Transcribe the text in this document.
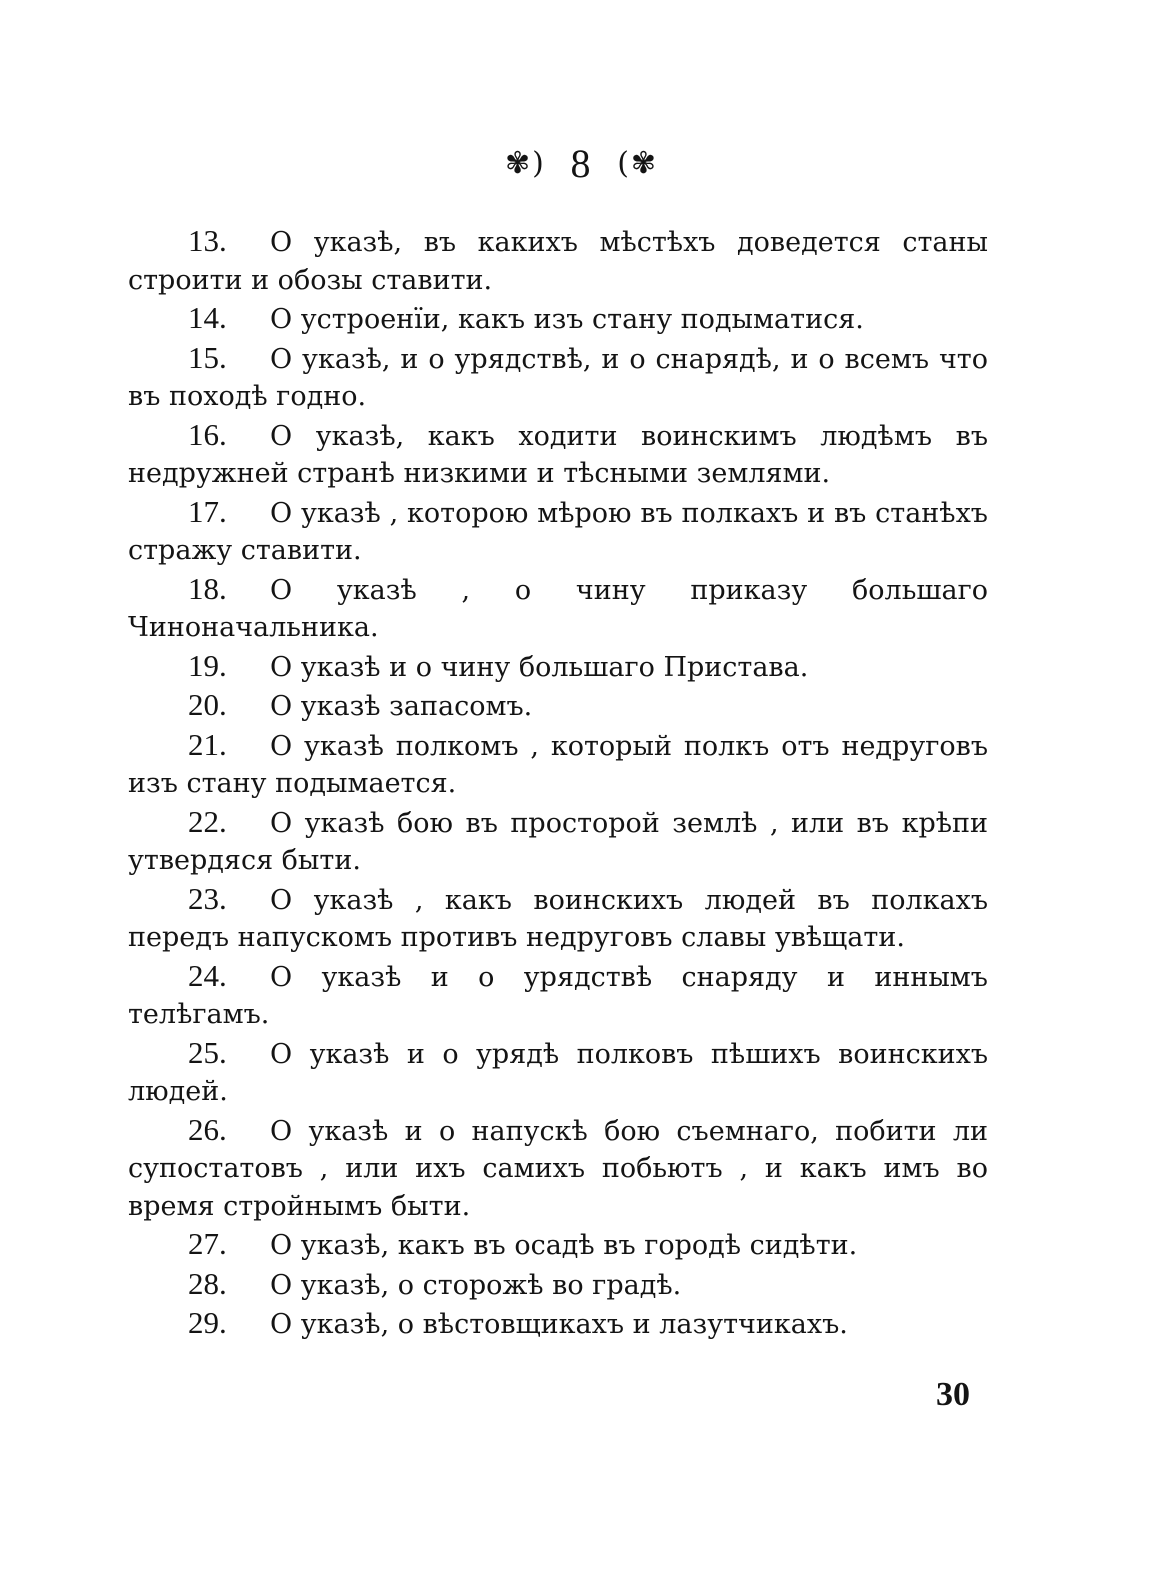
✾) 8 (✾

13. О указѣ, въ какихъ мѣстѣхъ доведется станы строити и обозы ставити.

14. О устроенїи, какъ изъ стану подыматися.

15. О указѣ, и о урядствѣ, и о снарядѣ, и о всемъ что въ походѣ годно.

16. О указѣ, какъ ходити воинскимъ людѣмъ въ недружней странѣ низкими и тѣсными землями.

17. О указѣ , которою мѣрою въ полкахъ и въ станѣхъ стражу ставити.

18. О указѣ , о чину приказу большаго Чиноначальника.

19. О указѣ и о чину большаго Пристава.

20. О указѣ запасомъ.

21. О указѣ полкомъ , который полкъ отъ недруговъ изъ стану подымается.

22. О указѣ бою въ просторой землѣ , или въ крѣпи утвердяся быти.

23. О указѣ , какъ воинскихъ людей въ полкахъ передъ напускомъ противъ недруговъ славы увѣщати.

24. О указѣ и о урядствѣ снаряду и иннымъ телѣгамъ.

25. О указѣ и о урядѣ полковъ пѣшихъ воинскихъ людей.

26. О указѣ и о напускѣ бою съемнаго, побити ли супостатовъ , или ихъ самихъ побьютъ , и какъ имъ во время стройнымъ быти.

27. О указѣ, какъ въ осадѣ въ городѣ сидѣти.

28. О указѣ, о сторожѣ во градѣ.

29. О указѣ, о вѣстовщикахъ и лазутчикахъ.

30
